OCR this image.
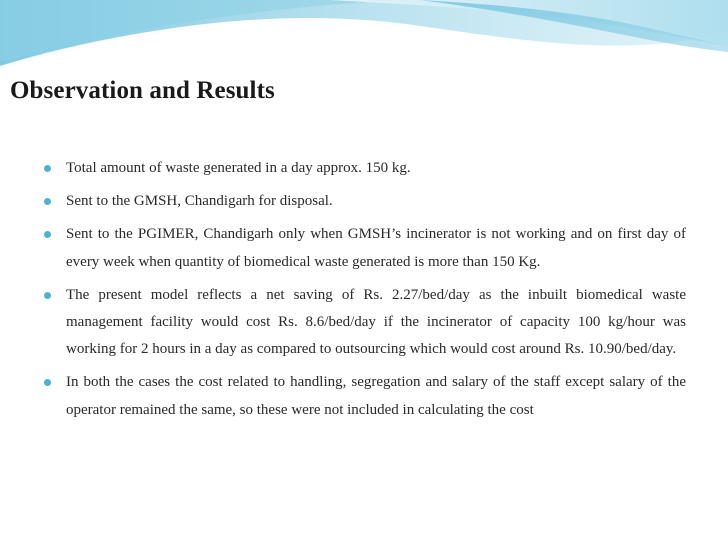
Observation and Results
Total amount of waste generated in a day approx. 150 kg.
Sent to the GMSH, Chandigarh for disposal.
Sent to the PGIMER, Chandigarh only when GMSH’s incinerator is not working and on first day of every week when quantity of biomedical waste generated is more than 150 Kg.
The present model reflects a net saving of Rs. 2.27/bed/day as the inbuilt biomedical waste management facility would cost Rs. 8.6/bed/day if the incinerator of capacity 100 kg/hour was working for 2 hours in a day as compared to outsourcing which would cost around Rs. 10.90/bed/day.
In both the cases the cost related to handling, segregation and salary of the staff except salary of the operator remained the same, so these were not included in calculating the cost
